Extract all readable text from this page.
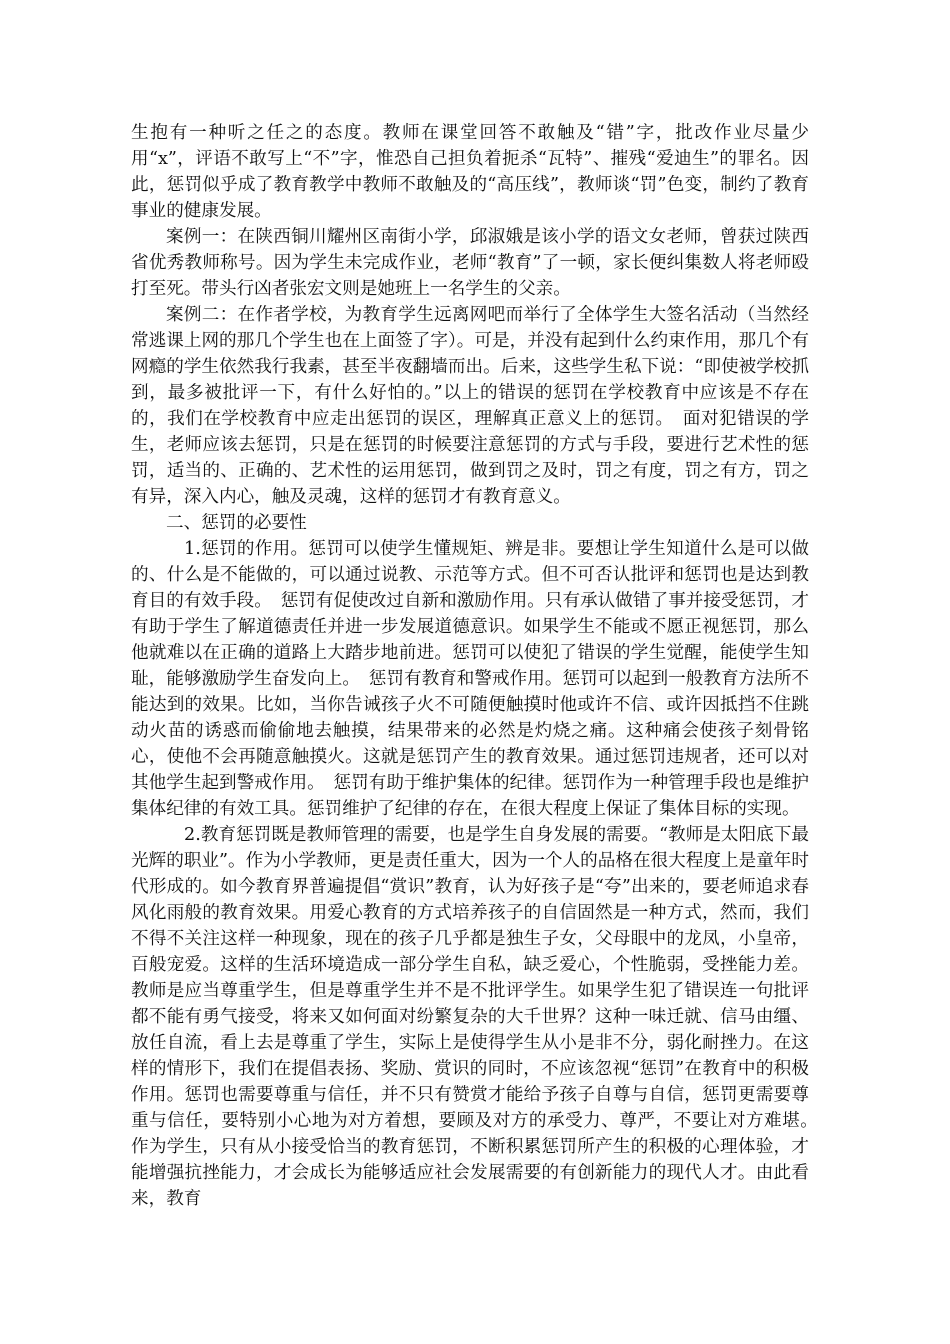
生抱有一种听之任之的态度。教师在课堂回答不敢触及“错”字，批改作业尽量少用“x”，评语不敢写上“不”字，惟恐自己担负着扼杀“瓦特”、摧残“爱迪生”的罪名。因此，惩罚似乎成了教育教学中教师不敢触及的“高压线”，教师谈“罚”色变，制约了教育事业的健康发展。

案例一：在陕西铜川耀州区南街小学，邱淑娥是该小学的语文女老师，曾获过陕西省优秀教师称号。因为学生未完成作业，老师“教育”了一顿，家长便纠集数人将老师殴打至死。带头行凶者张宏文则是她班上一名学生的父亲。

案例二：在作者学校，为教育学生远离网吧而举行了全体学生大签名活动（当然经常逃课上网的那几个学生也在上面签了字）。可是，并没有起到什么约束作用，那几个有网瘾的学生依然我行我素，甚至半夜翻墙而出。后来，这些学生私下说：“即使被学校抓到，最多被批评一下，有什么好怕的。”以上的错误的惩罚在学校教育中应该是不存在的，我们在学校教育中应走出惩罚的误区，理解真正意义上的惩罚。　面对犯错误的学生，老师应该去惩罚，只是在惩罚的时候要注意惩罚的方式与手段，要进行艺术性的惩罚，适当的、正确的、艺术性的运用惩罚，做到罚之及时，罚之有度，罚之有方，罚之有异，深入内心，触及灵魂，这样的惩罚才有教育意义。

二、惩罚的必要性

1.惩罚的作用。惩罚可以使学生懂规矩、辨是非。要想让学生知道什么是可以做的、什么是不能做的，可以通过说教、示范等方式。但不可否认批评和惩罚也是达到教育目的有效手段。　惩罚有促使改过自新和激励作用。只有承认做错了事并接受惩罚，才有助于学生了解道德责任并进一步发展道德意识。如果学生不能或不愿正视惩罚，那么他就难以在正确的道路上大踏步地前进。惩罚可以使犯了错误的学生觉醒，能使学生知耻，能够激励学生奋发向上。　惩罚有教育和警戒作用。惩罚可以起到一般教育方法所不能达到的效果。比如，当你告诫孩子火不可随便触摸时他或许不信、或许因抵挡不住跳动火苗的诱惑而偷偷地去触摸，结果带来的必然是灼烧之痛。这种痛会使孩子刻骨铭心，使他不会再随意触摸火。这就是惩罚产生的教育效果。通过惩罚违规者，还可以对其他学生起到警戒作用。　惩罚有助于维护集体的纪律。惩罚作为一种管理手段也是维护集体纪律的有效工具。惩罚维护了纪律的存在，在很大程度上保证了集体目标的实现。

2.教育惩罚既是教师管理的需要，也是学生自身发展的需要。“教师是太阳底下最光辉的职业”。作为小学教师，更是责任重大，因为一个人的品格在很大程度上是童年时代形成的。如今教育界普遍提倡“赏识”教育，认为好孩子是“夸”出来的，要老师追求春风化雨般的教育效果。用爱心教育的方式培养孩子的自信固然是一种方式，然而，我们不得不关注这样一种现象，现在的孩子几乎都是独生子女，父母眼中的龙凤，小皇帝，百般宠爱。这样的生活环境造成一部分学生自私，缺乏爱心，个性脆弱，受挫能力差。教师是应当尊重学生，但是尊重学生并不是不批评学生。如果学生犯了错误连一句批评都不能有勇气接受，将来又如何面对纷繁复杂的大千世界？这种一味迁就、信马由缰、放任自流，看上去是尊重了学生，实际上是使得学生从小是非不分，弱化耐挫力。在这样的情形下，我们在提倡表扬、奖励、赏识的同时，不应该忽视“惩罚”在教育中的积极作用。惩罚也需要尊重与信任，并不只有赞赏才能给予孩子自尊与自信，惩罚更需要尊重与信任，要特别小心地为对方着想，要顾及对方的承受力、尊严，不要让对方难堪。　作为学生，只有从小接受恰当的教育惩罚，不断积累惩罚所产生的积极的心理体验，才能增强抗挫能力，才会成长为能够适应社会发展需要的有创新能力的现代人才。由此看来，教育
